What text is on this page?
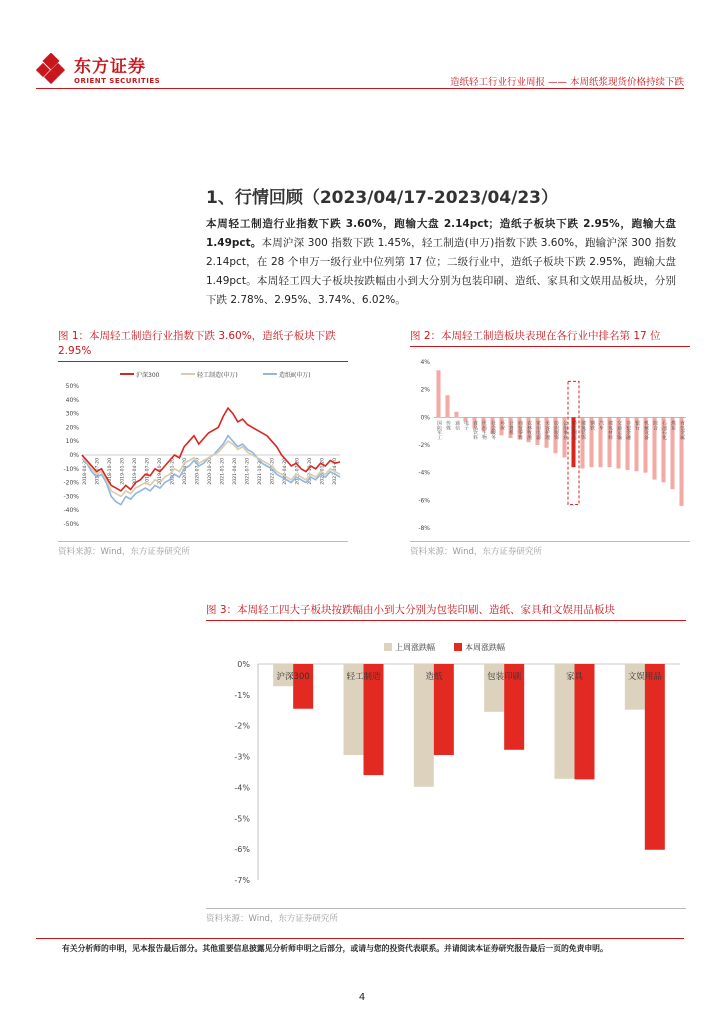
东方证券
ORIENT SECURITIES	造纸轻工行业行业周报 —— 本周纸浆现货价格持续下跌
1、行情回顾（2023/04/17-2023/04/23）
本周轻工制造行业指数下跌 3.60%，跑输大盘 2.14pct；造纸子板块下跌 2.95%，跑输大盘 1.49pct。本周沪深 300 指数下跌 1.45%，轻工制造(申万)指数下跌 3.60%，跑输沪深 300 指数 2.14pct，在 28 个申万一级行业中位列第 17 位；二级行业中，造纸子板块下跌 2.95%，跑输大盘 1.49pct。本周轻工四大子板块按跌幅由小到大分别为包装印刷、造纸、家具和文娱用品板块，分别下跌 2.78%、2.95%、3.74%、6.02%。
图 1：本周轻工制造行业指数下跌 3.60%，造纸子板块下跌 2.95%
沪深300	轻工制造(申万)	造纸Ⅱ(申万)
50%
40%
30%
20%
10%
0%
-10%
-20%
-30%
-40%
-50%
2018-04-20 2018-07-20 2018-10-20 2019-01-20 2019-04-20 2019-07-20 2019-10-20 2020-01-20 2020-04-20 2020-07-20 2020-10-20 2021-01-20 2021-04-20 2021-07-20 2021-10-20 2022-01-20 2022-04-20 2022-07-20 2022-10-20 2023-01-20 2023-04-20
资料来源：Wind，东方证券研究所
图 2：本周轻工制造板块表现在各行业中排名第 17 位
4%
2%
0%
-2%
-4%
-6%
-8%
国防军工 传媒 通信 电子 食品饮料 医药生物 社会服务 环保 计算机 商贸零售 农林牧渔 家用电器 美容护理 纺织服饰 公用事业 轻工制造 建筑装饰 钢铁 汽车 建筑材料 交通运输 非银金融 银行 机械设备 综合 石油石化 煤炭 有色金属
资料来源：Wind，东方证券研究所
图 3：本周轻工四大子板块按跌幅由小到大分别为包装印刷、造纸、家具和文娱用品板块
上周涨跌幅	本周涨跌幅
0%
-1%
-2%
-3%
-4%
-5%
-6%
-7%
沪深300	轻工制造	造纸	包装印刷	家具	文娱用品
资料来源：Wind，东方证券研究所
有关分析师的申明，见本报告最后部分。其他重要信息披露见分析师申明之后部分，或请与您的投资代表联系。并请阅读本证券研究报告最后一页的免责申明。
4
